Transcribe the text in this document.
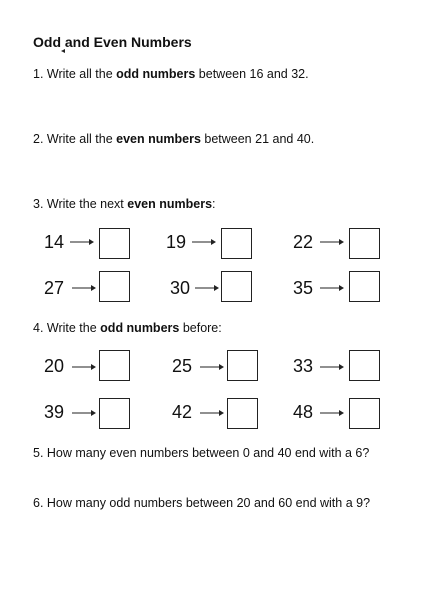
Odd and Even Numbers

1. Write all the odd numbers between 16 and 32.

2. Write all the even numbers between 21 and 40.

3. Write the next even numbers:

14	19	22
27	30	35

4. Write the odd numbers before:

20	25	33
39	42	48

5. How many even numbers between 0 and 40 end with a 6?

6. How many odd numbers between 20 and 60 end with a 9?
